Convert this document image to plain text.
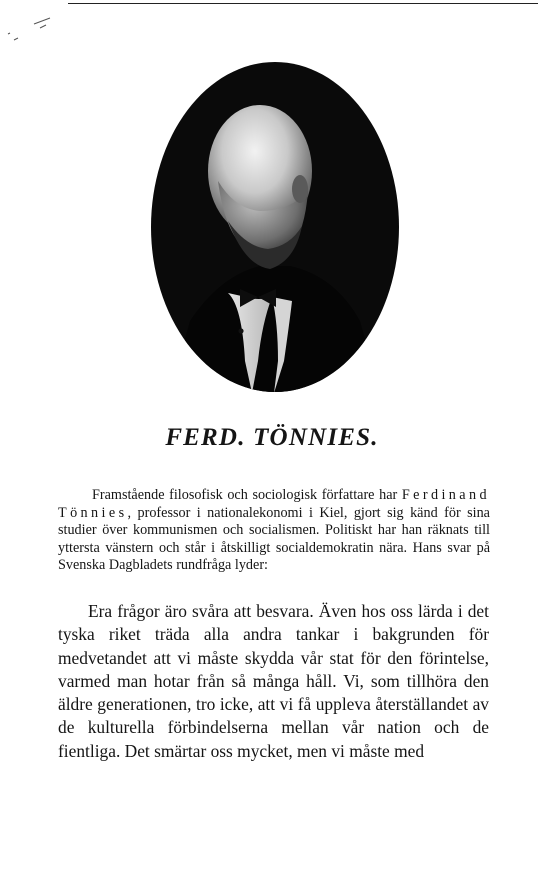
FERD. TÖNNIES.

Framstående filosofisk och sociologisk författare har Ferdinand Tönnies, professor i nationalekonomi i Kiel, gjort sig känd för sina studier över kommunismen och socialismen. Politiskt har han räknats till yttersta vänstern och står i åtskilligt socialdemokratin nära. Hans svar på Svenska Dagbladets rundfråga lyder:

Era frågor äro svåra att besvara. Även hos oss lärda i det tyska riket träda alla andra tankar i bakgrunden för medvetandet att vi måste skydda vår stat för den förintelse, varmed man hotar från så många håll. Vi, som tillhöra den äldre generationen, tro icke, att vi få uppleva återställandet av de kulturella förbindelserna mellan vår nation och de fientliga. Det smärtar oss mycket, men vi måste med
